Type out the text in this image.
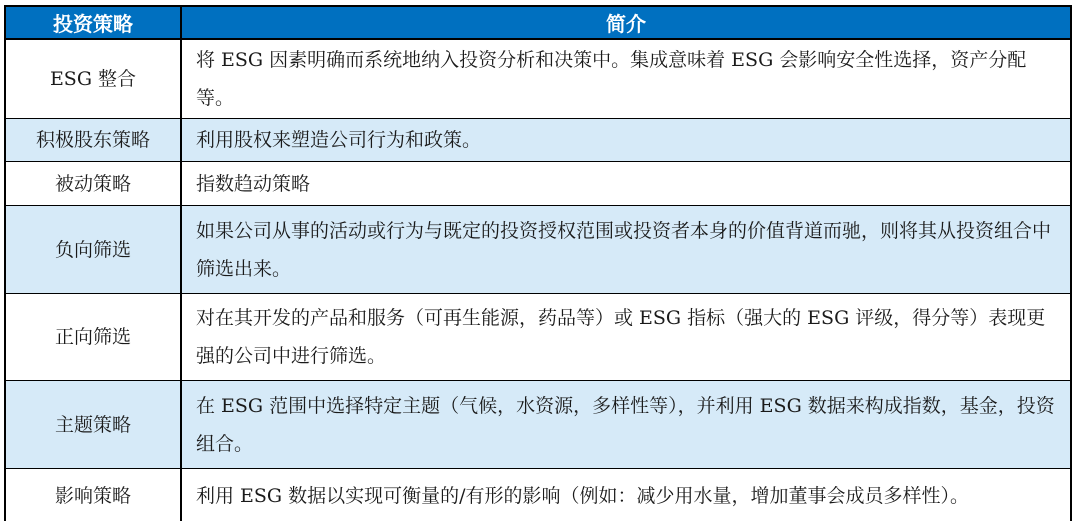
投资策略	简介
ESG 整合	将 ESG 因素明确而系统地纳入投资分析和决策中。集成意味着 ESG 会影响安全性选择，资产分配等。
积极股东策略	利用股权来塑造公司行为和政策。
被动策略	指数趋动策略
负向筛选	如果公司从事的活动或行为与既定的投资授权范围或投资者本身的价值背道而驰，则将其从投资组合中筛选出来。
正向筛选	对在其开发的产品和服务（可再生能源，药品等）或 ESG 指标（强大的 ESG 评级，得分等）表现更强的公司中进行筛选。
主题策略	在 ESG 范围中选择特定主题（气候，水资源，多样性等），并利用 ESG 数据来构成指数，基金，投资组合。
影响策略	利用 ESG 数据以实现可衡量的/有形的影响（例如：减少用水量，增加董事会成员多样性）。
